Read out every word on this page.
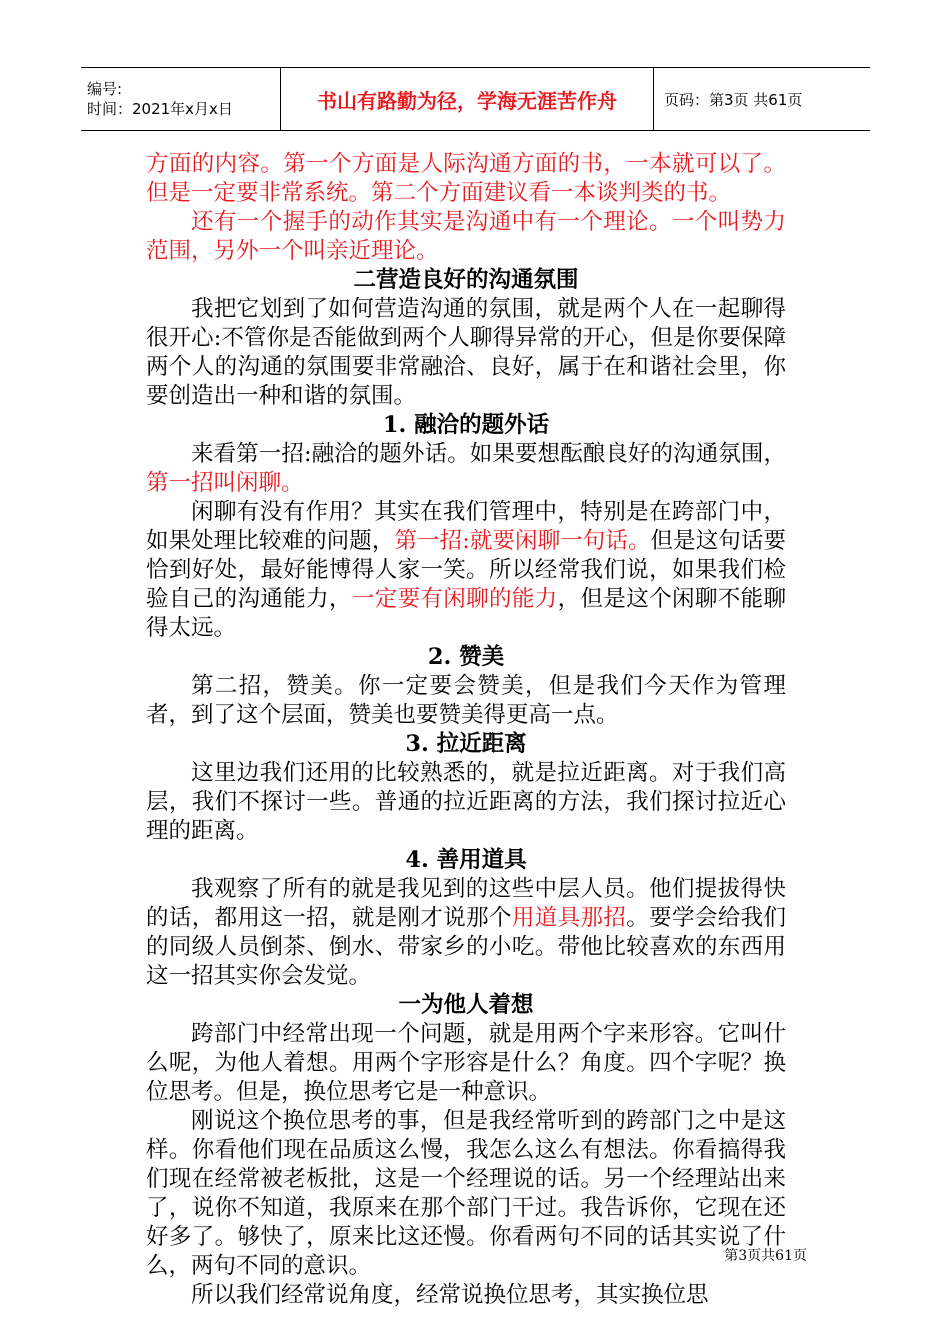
编号:
时间：2021年x月x日	书山有路勤为径，学海无涯苦作舟	页码：第3页 共61页

方面的内容。第一个方面是人际沟通方面的书，一本就可以了。但是一定要非常系统。第二个方面建议看一本谈判类的书。

还有一个握手的动作其实是沟通中有一个理论。一个叫势力范围，另外一个叫亲近理论。

二营造良好的沟通氛围

我把它划到了如何营造沟通的氛围，就是两个人在一起聊得很开心:不管你是否能做到两个人聊得异常的开心，但是你要保障两个人的沟通的氛围要非常融洽、良好，属于在和谐社会里，你要创造出一种和谐的氛围。

1. 融洽的题外话

来看第一招:融洽的题外话。如果要想酝酿良好的沟通氛围，第一招叫闲聊。

闲聊有没有作用？其实在我们管理中，特别是在跨部门中，如果处理比较难的问题，第一招:就要闲聊一句话。但是这句话要恰到好处，最好能博得人家一笑。所以经常我们说，如果我们检验自己的沟通能力，一定要有闲聊的能力，但是这个闲聊不能聊得太远。

2. 赞美

第二招，赞美。你一定要会赞美，但是我们今天作为管理者，到了这个层面，赞美也要赞美得更高一点。

3. 拉近距离

这里边我们还用的比较熟悉的，就是拉近距离。对于我们高层，我们不探讨一些。普通的拉近距离的方法，我们探讨拉近心理的距离。

4. 善用道具

我观察了所有的就是我见到的这些中层人员。他们提拔得快的话，都用这一招，就是刚才说那个用道具那招。要学会给我们的同级人员倒茶、倒水、带家乡的小吃。带他比较喜欢的东西用这一招其实你会发觉。

一为他人着想

跨部门中经常出现一个问题，就是用两个字来形容。它叫什么呢，为他人着想。用两个字形容是什么？角度。四个字呢？换位思考。但是，换位思考它是一种意识。

刚说这个换位思考的事，但是我经常听到的跨部门之中是这样。你看他们现在品质这么慢，我怎么这么有想法。你看搞得我们现在经常被老板批，这是一个经理说的话。另一个经理站出来了，说你不知道，我原来在那个部门干过。我告诉你，它现在还好多了。够快了，原来比这还慢。你看两句不同的话其实说了什么，两句不同的意识。

所以我们经常说角度，经常说换位思考，其实换位思

第3页共61页
